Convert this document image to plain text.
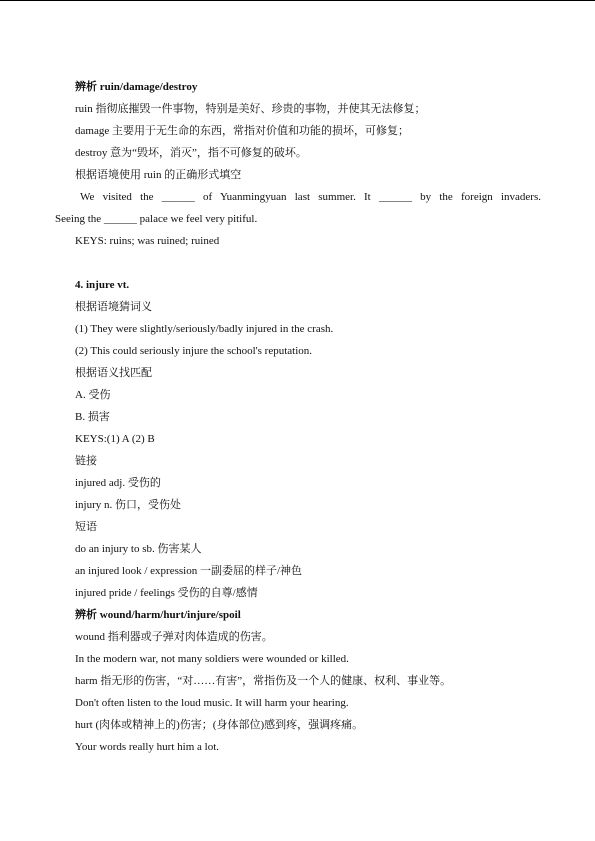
辨析 ruin/damage/destroy
ruin 指彻底摧毁一件事物，特别是美好、珍贵的事物，并使其无法修复；
damage 主要用于无生命的东西，常指对价值和功能的损坏，可修复；
destroy 意为“毁坏，消灭”，指不可修复的破坏。
根据语境使用 ruin 的正确形式填空
We visited the ______ of Yuanmingyuan last summer. It ______ by the foreign invaders.
Seeing the ______ palace we feel very pitiful.
KEYS: ruins; was ruined; ruined
4. injure vt.
根据语境猜词义
(1) They were slightly/seriously/badly injured in the crash.
(2) This could seriously injure the school's reputation.
根据语义找匹配
A. 受伤
B. 损害
KEYS:(1) A (2) B
链接
injured adj. 受伤的
injury n. 伤口，受伤处
短语
do an injury to sb. 伤害某人
an injured look / expression 一副委屈的样子/神色
injured pride / feelings 受伤的自尊/感情
辨析 wound/harm/hurt/injure/spoil
wound 指利器或子弹对肉体造成的伤害。
In the modern war, not many soldiers were wounded or killed.
harm 指无形的伤害，“对……有害”，常指伤及一个人的健康、权利、事业等。
Don't often listen to the loud music. It will harm your hearing.
hurt (肉体或精神上的)伤害；(身体部位)感到疼，强调疼痛。
Your words really hurt him a lot.
